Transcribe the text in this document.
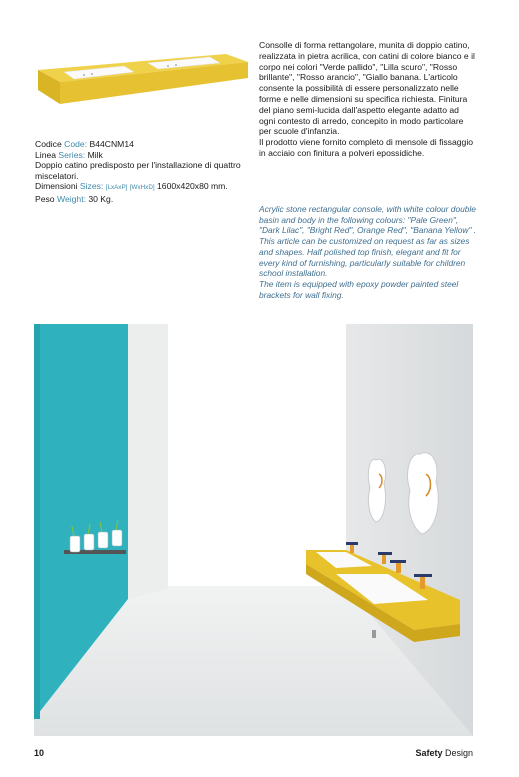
Codice Code: B44CNM14
Linea Series: Milk
Doppio catino predisposto per l'installazione di quattro miscelatori.
Dimensioni Sizes: [LxAxP] [WxHxD] 1600x420x80 mm.
Peso Weight: 30 Kg.
Consolle di forma rettangolare, munita di doppio catino, realizzata in pietra acrilica, con catini di colore bianco e il corpo nei colori "Verde pallido", "Lilla scuro", "Rosso brillante", "Rosso arancio", "Giallo banana. L'articolo consente la possibilità di essere personalizzato nelle forme e nelle dimensioni su specifica richiesta. Finitura del piano semi-lucida dall'aspetto elegante adatto ad ogni contesto di arredo, concepito in modo particolare per scuole d'infanzia.
Il prodotto viene fornito completo di mensole di fissaggio in acciaio con finitura a polveri epossidiche.
Acrylic stone rectangular console, with white colour double basin and body in the following colours: "Pale Green", "Dark Lilac", "Bright Red", Orange Red", "Banana Yellow" . This article can be customized on request as far as sizes and shapes. Half polished top finish, elegant and fit for every kind of furnishing, particularly suitable for children school installation.
The item is equipped with epoxy powder painted steel brackets for wall fixing.
10	Safety Design
